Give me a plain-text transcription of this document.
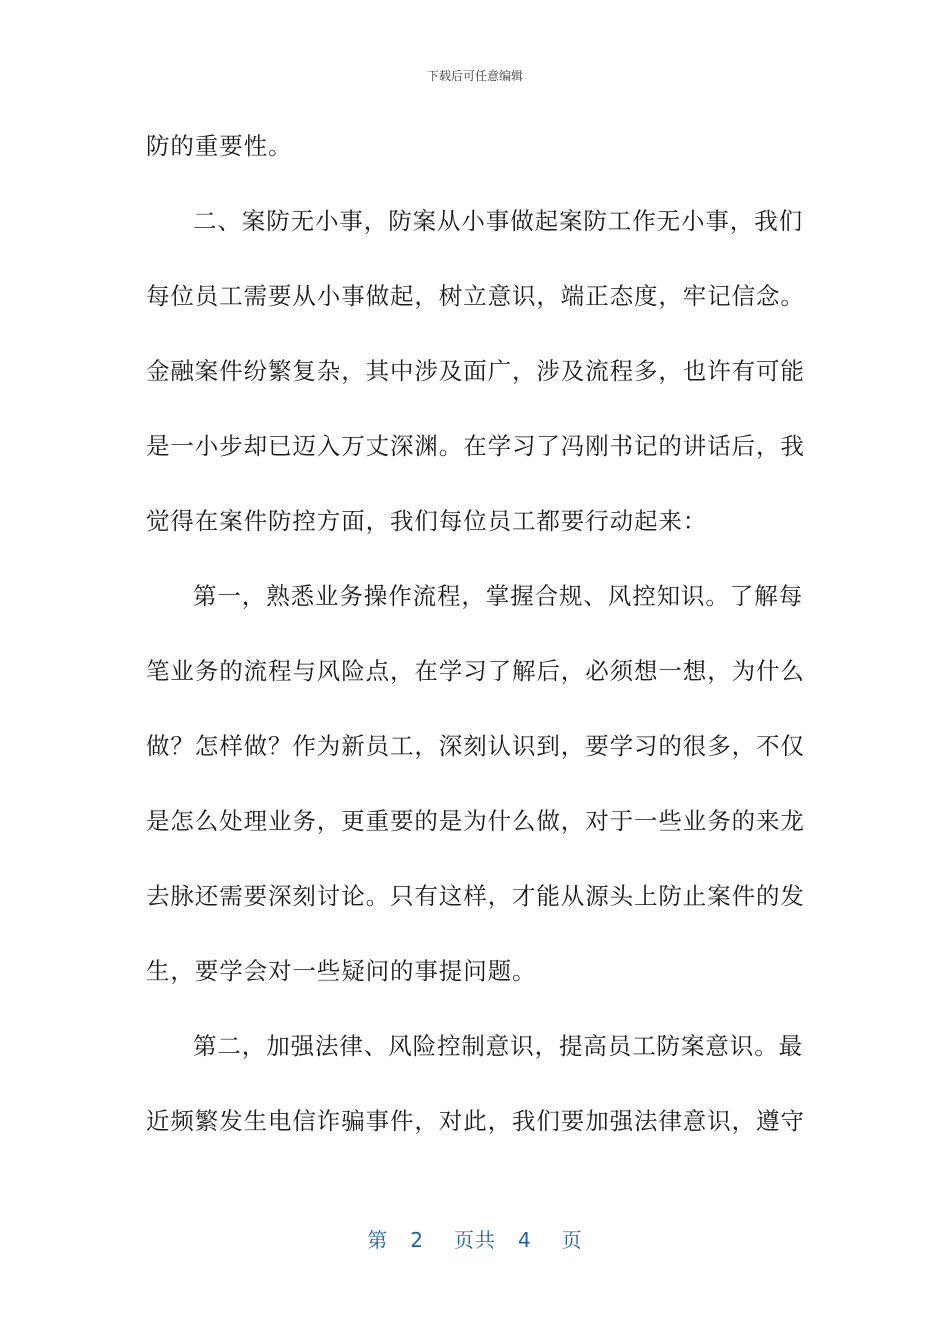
下载后可任意编辑
防的重要性。
二、案防无小事，防案从小事做起案防工作无小事，我们
每位员工需要从小事做起，树立意识，端正态度，牢记信念。
金融案件纷繁复杂，其中涉及面广，涉及流程多，也许有可能
是一小步却已迈入万丈深渊。在学习了冯刚书记的讲话后，我
觉得在案件防控方面，我们每位员工都要行动起来：
第一，熟悉业务操作流程，掌握合规、风控知识。了解每
笔业务的流程与风险点，在学习了解后，必须想一想，为什么
做？怎样做？作为新员工，深刻认识到，要学习的很多，不仅
是怎么处理业务，更重要的是为什么做，对于一些业务的来龙
去脉还需要深刻讨论。只有这样，才能从源头上防止案件的发
生，要学会对一些疑问的事提问题。
第二，加强法律、风险控制意识，提高员工防案意识。最
近频繁发生电信诈骗事件，对此，我们要加强法律意识，遵守
第 2 页共 4 页
